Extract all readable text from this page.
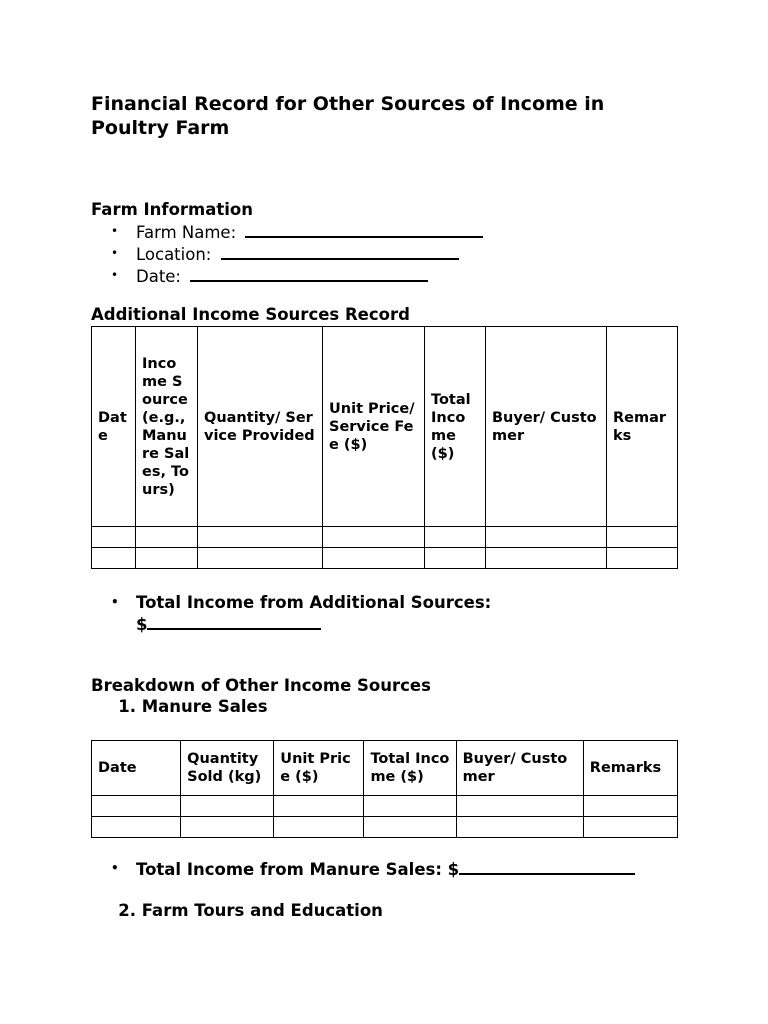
Financial Record for Other Sources of Income in Poultry Farm
Farm Information
• Farm Name:
• Location:
• Date:
Additional Income Sources Record
Date	Income Source (e.g., Manure Sales, Tours)	Quantity/ Service Provided	Unit Price/Service Fee ($)	Total Income ($)	Buyer/ Customer	Remarks

• Total Income from Additional Sources:
$
Breakdown of Other Income Sources
1. Manure Sales
Date	Quantity Sold (kg)	Unit Price ($)	Total Income ($)	Buyer/ Customer	Remarks

• Total Income from Manure Sales: $
2. Farm Tours and Education
